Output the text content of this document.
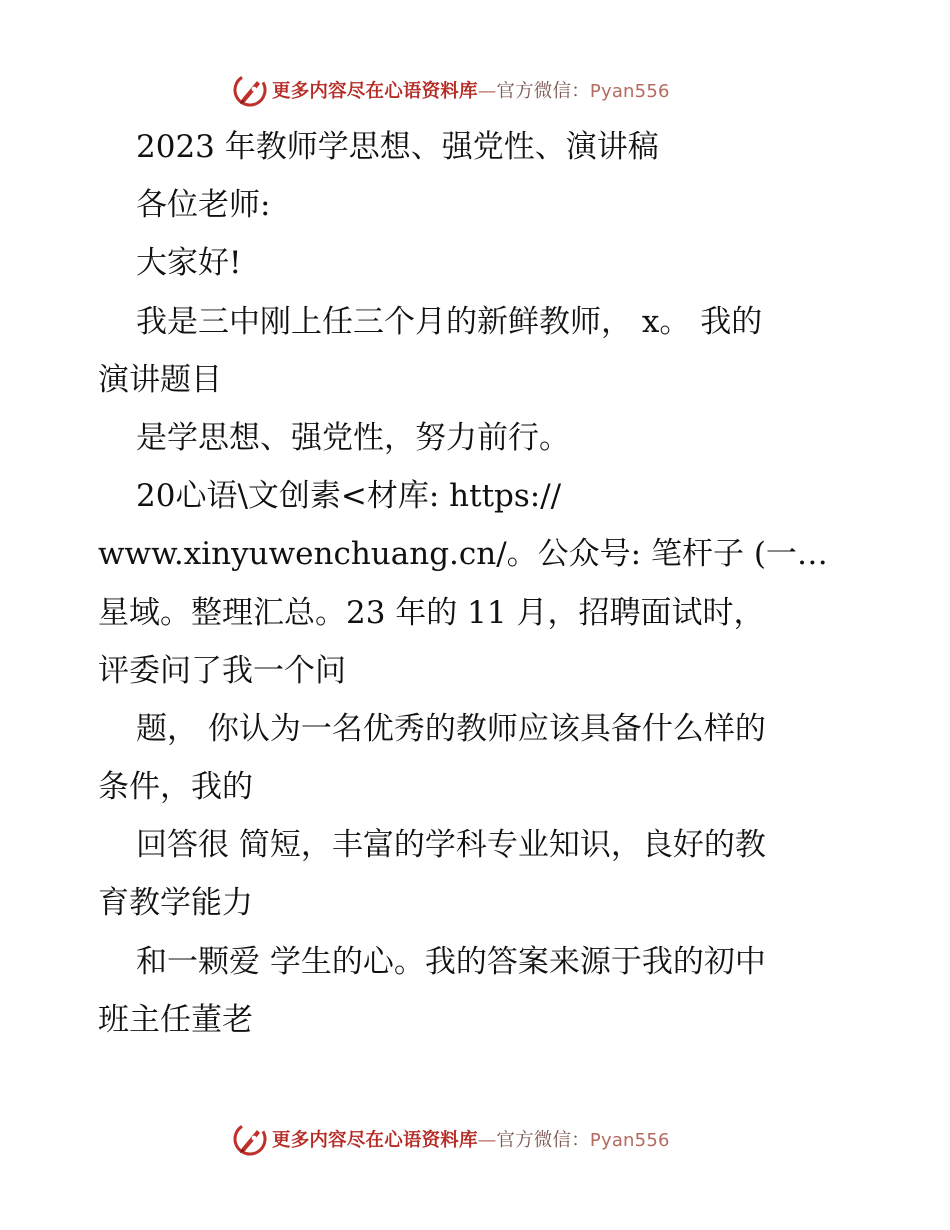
更多内容尽在心语资料库—官方微信：Pyan556
2023 年教师学思想、强党性、演讲稿
各位老师:
大家好!
我是三中刚上任三个月的新鲜教师， x。 我的
演讲题目
是学思想、强党性，努力前行。
20心语\文创素<材库: https://
www.xinyuwenchuang.cn/。公众号: 笔杆子 (一…
星域。整理汇总。23 年的 11 月，招聘面试时，
评委问了我一个问
题， 你认为一名优秀的教师应该具备什么样的
条件，我的
回答很 简短，丰富的学科专业知识，良好的教
育教学能力
和一颗爱 学生的心。我的答案来源于我的初中
班主任董老
更多内容尽在心语资料库—官方微信：Pyan556
